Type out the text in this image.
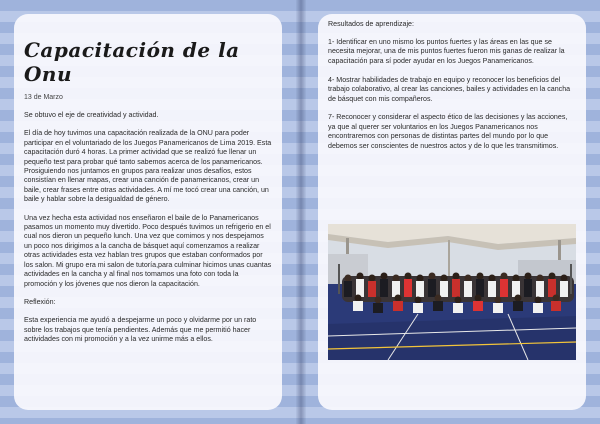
Capacitación de la Onu
13 de Marzo

Se obtuvo el eje de creatividad y actividad.

El día de hoy tuvimos una capacitación realizada de la ONU para poder participar en el voluntariado de los Juegos Panamericanos de Lima 2019. Esta capacitación duró 4 horas. La primer actividad que se realizó fue llenar un pequeño test para probar qué tanto sabemos acerca de los panamericanos. Prosiguiendo nos juntamos en grupos para realizar unos desafíos, estos consistían en llenar mapas, crear una canción de panamericanos, crear un baile, crear frases entre otras actividades. A mí me tocó crear una canción, un baile y hablar sobre la desigualdad de género.

Una vez hecha esta actividad nos enseñaron el baile de lo Panamericanos pasamos un momento muy divertido. Poco después tuvimos un refrigerio en el cual nos dieron un pequeño lunch. Una vez que comimos y nos despejamos un poco nos dirigimos a la cancha de básquet aquí comenzamos a realizar otras actividades esta vez hablan tres grupos que estaban conformados por los salon. Mi grupo era mi salon de tutoría,para culminar hicimos unas cuantas actividades en la cancha y al final nos tomamos una foto con toda la promoción y los jóvenes que nos dieron la capacitación.

Reflexión:

Esta experiencia me ayudó a despejarme un poco y olvidarme por un rato sobre los trabajos que tenía pendientes. Además que me permitió hacer actividades con mi promoción y a la vez unirme más a ellos.

Resultados de aprendizaje:

1- Identificar en uno mismo los puntos fuertes y las áreas en las que se necesita mejorar, una de mis puntos fuertes fueron mis ganas de realizar la capacitación para sí poder ayudar en los Juegos Panamericanos.

4- Mostrar habilidades de trabajo en equipo y reconocer los beneficios del trabajo colaborativo, al crear las canciones, bailes y actividades en la cancha de básquet con mis compañeros.

7- Reconocer y considerar el aspecto ético de las decisiones y las acciones, ya que al querer ser voluntarios en los Juegos Panamericanos nos encontraremos con personas de distintas partes del mundo por lo que debemos ser conscientes de nuestros actos y de lo que les transmitimos.
